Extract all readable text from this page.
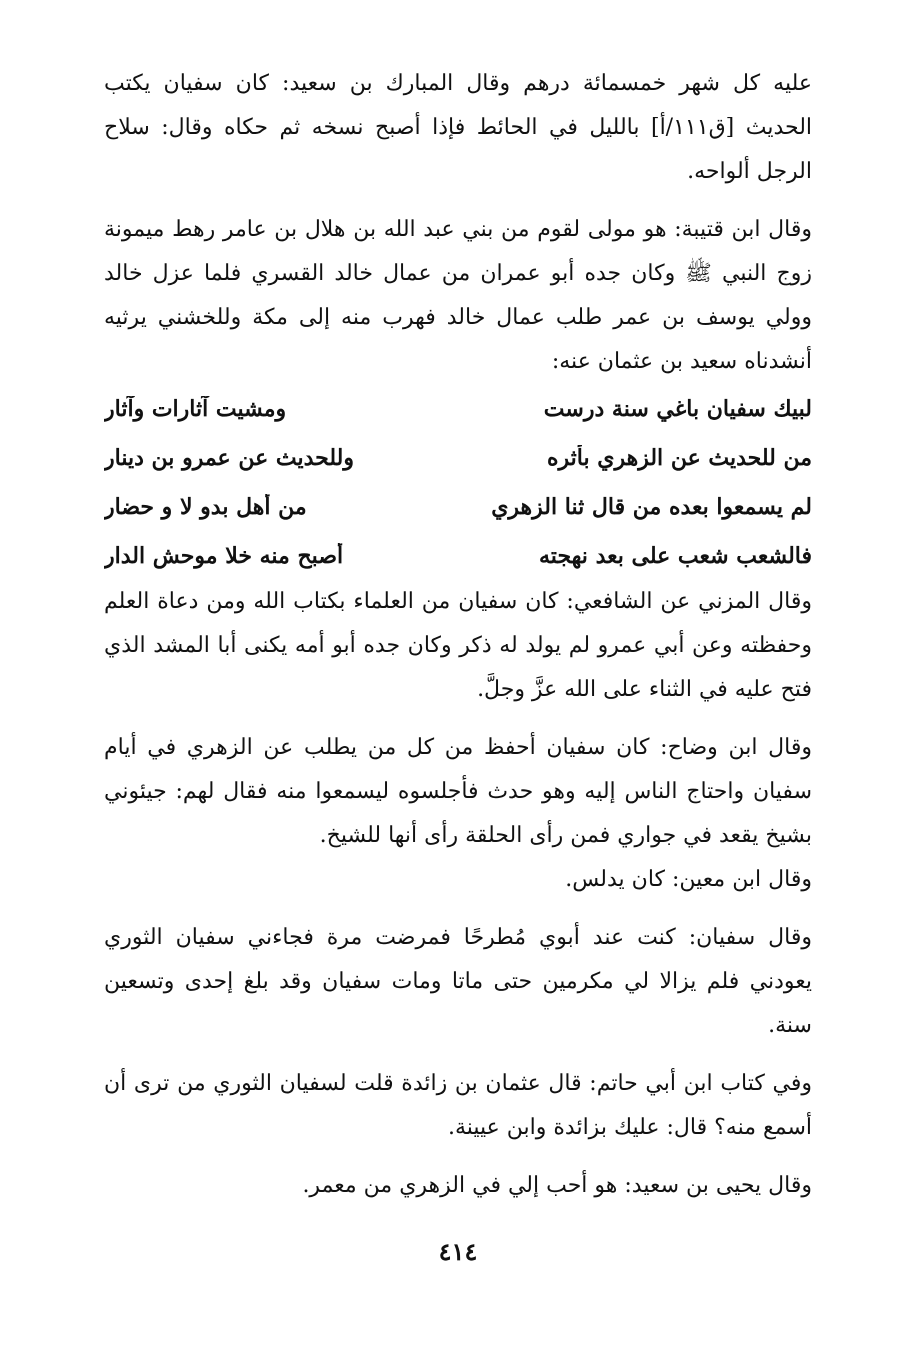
عليه كل شهر خمسمائة درهم وقال المبارك بن سعيد: كان سفيان يكتب الحديث [ق١١١/أ] بالليل في الحائط فإذا أصبح نسخه ثم حكاه وقال: سلاح الرجل ألواحه.

وقال ابن قتيبة: هو مولى لقوم من بني عبد الله بن هلال بن عامر رهط ميمونة زوج النبي ﷺ وكان جده أبو عمران من عمال خالد القسري فلما عزل خالد وولي يوسف بن عمر طلب عمال خالد فهرب منه إلى مكة وللخشني يرثيه أنشدناه سعيد بن عثمان عنه:

لبيك سفيان باغي سنة درست
ومشيت آثارات وآثار
من للحديث عن الزهري بأثره
وللحديث عن عمرو بن دينار
لم يسمعوا بعده من قال ثنا الزهري
من أهل بدو لا و حضار
فالشعب شعب على بعد نهجته
أصبح منه خلا موحش الدار

وقال المزني عن الشافعي: كان سفيان من العلماء بكتاب الله ومن دعاة العلم وحفظته وعن أبي عمرو لم يولد له ذكر وكان جده أبو أمه يكنى أبا المشد الذي فتح عليه في الثناء على الله عزَّ وجلَّ.

وقال ابن وضاح: كان سفيان أحفظ من كل من يطلب عن الزهري في أيام سفيان واحتاج الناس إليه وهو حدث فأجلسوه ليسمعوا منه فقال لهم: جيئوني بشيخ يقعد في جواري فمن رأى الحلقة رأى أنها للشيخ.

وقال ابن معين: كان يدلس.

وقال سفيان: كنت عند أبوي مُطرحًا فمرضت مرة فجاءني سفيان الثوري يعودني فلم يزالا لي مكرمين حتى ماتا ومات سفيان وقد بلغ إحدى وتسعين سنة.

وفي كتاب ابن أبي حاتم: قال عثمان بن زائدة قلت لسفيان الثوري من ترى أن أسمع منه؟ قال: عليك بزائدة وابن عيينة.

وقال يحيى بن سعيد: هو أحب إلي في الزهري من معمر.

٤١٤
